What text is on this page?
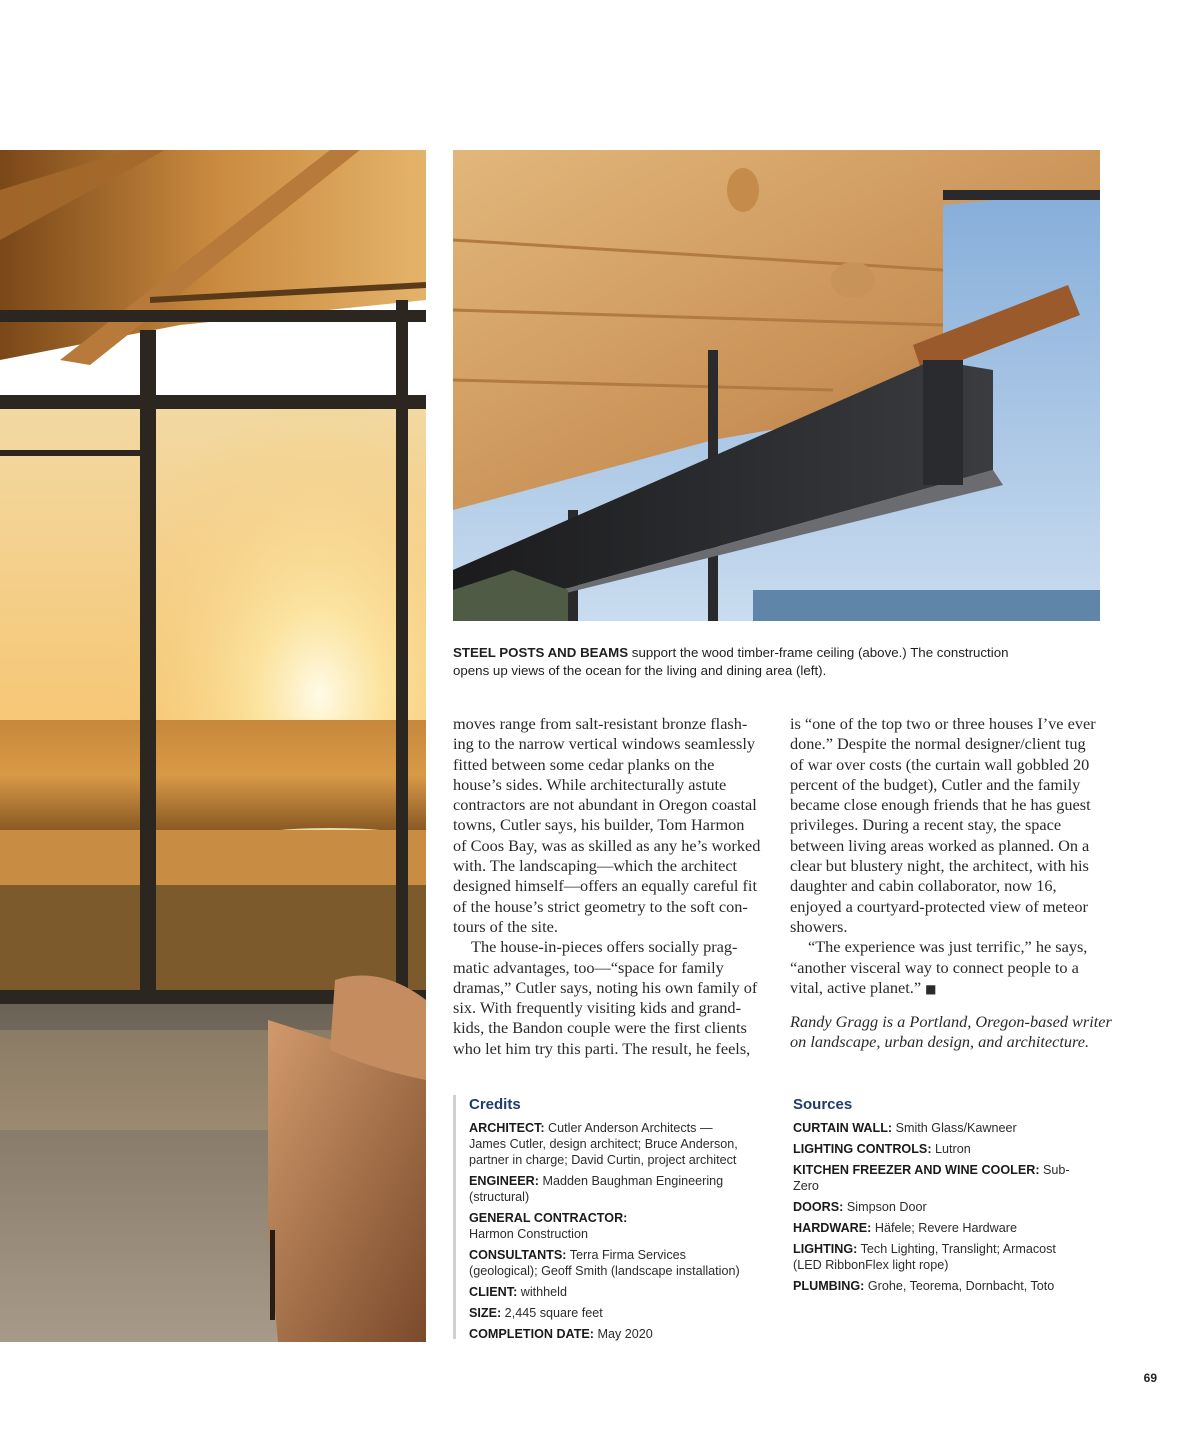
STEEL POSTS AND BEAMS support the wood timber-frame ceiling (above.) The construction
opens up views of the ocean for the living and dining area (left).
moves range from salt-resistant bronze flash-
ing to the narrow vertical windows seamlessly
fitted between some cedar planks on the
house’s sides. While architecturally astute
contractors are not abundant in Oregon coastal
towns, Cutler says, his builder, Tom Harmon
of Coos Bay, was as skilled as any he’s worked
with. The landscaping—which the architect
designed himself—offers an equally careful fit
of the house’s strict geometry to the soft con-
tours of the site.
The house-in-pieces offers socially prag-
matic advantages, too—“space for family
dramas,” Cutler says, noting his own family of
six. With frequently visiting kids and grand-
kids, the Bandon couple were the first clients
who let him try this parti. The result, he feels,
is “one of the top two or three houses I’ve ever
done.” Despite the normal designer/client tug
of war over costs (the curtain wall gobbled 20
percent of the budget), Cutler and the family
became close enough friends that he has guest
privileges. During a recent stay, the space
between living areas worked as planned. On a
clear but blustery night, the architect, with his
daughter and cabin collaborator, now 16,
enjoyed a courtyard-protected view of meteor
showers.
“The experience was just terrific,” he says,
“another visceral way to connect people to a
vital, active planet.” ■
Randy Gragg is a Portland, Oregon-based writer
on landscape, urban design, and architecture.
Credits
ARCHITECT: Cutler Anderson Architects —
James Cutler, design architect; Bruce Anderson,
partner in charge; David Curtin, project architect
ENGINEER: Madden Baughman Engineering
(structural)
GENERAL CONTRACTOR:
Harmon Construction
CONSULTANTS: Terra Firma Services
(geological); Geoff Smith (landscape installation)
CLIENT: withheld
SIZE: 2,445 square feet
COMPLETION DATE: May 2020
Sources
CURTAIN WALL: Smith Glass/Kawneer
LIGHTING CONTROLS: Lutron
KITCHEN FREEZER AND WINE COOLER: Sub-
Zero
DOORS: Simpson Door
HARDWARE: Häfele; Revere Hardware
LIGHTING: Tech Lighting, Translight; Armacost
(LED RibbonFlex light rope)
PLUMBING: Grohe, Teorema, Dornbacht, Toto
69
